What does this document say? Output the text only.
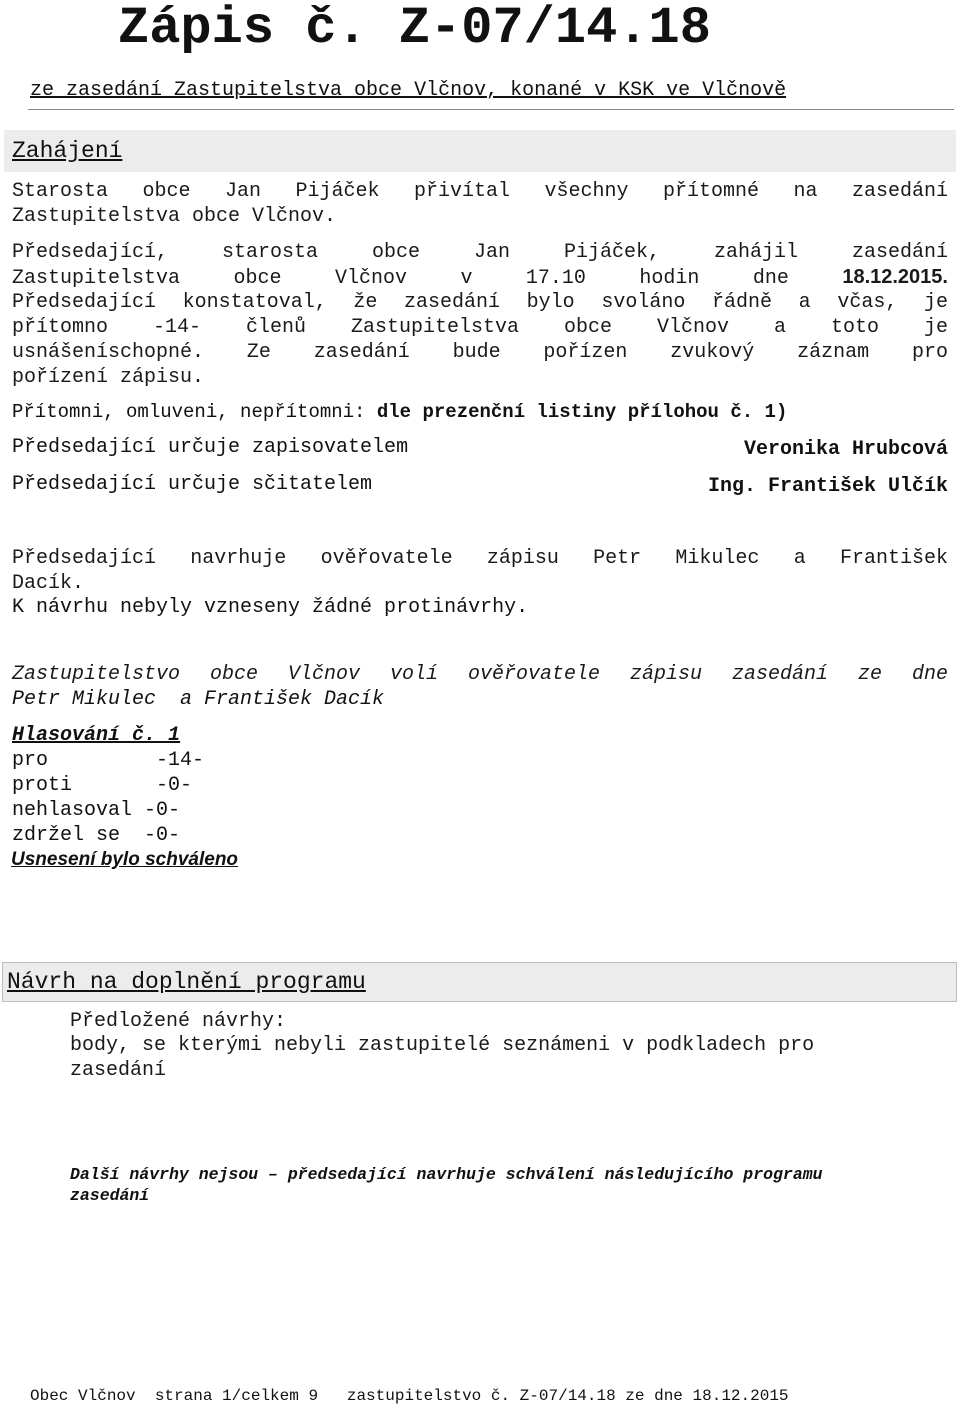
Zápis č. Z-07/14.18
ze zasedání Zastupitelstva obce Vlčnov, konané v KSK ve Vlčnově
Zahájení
Starosta obce Jan Pijáček přivítal všechny přítomné na zasedání
Zastupitelstva obce Vlčnov.
Předsedající, starosta obce Jan Pijáček, zahájil zasedání
Zastupitelstva obce Vlčnov v 17.10 hodin dne	18.12.2015.
Předsedající konstatoval, že zasedání bylo svoláno řádně a včas, je
přítomno -14- členů Zastupitelstva obce Vlčnov a toto je
usnášeníschopné. Ze zasedání bude pořízen zvukový záznam pro
pořízení zápisu.
Přítomni, omluveni, nepřítomni: dle prezenční listiny přílohou č. 1)
Předsedající určuje zapisovatelem	Veronika Hrubcová
Předsedající určuje sčitatelem	Ing. František Ulčík
Předsedající navrhuje ověřovatele zápisu Petr Mikulec a František
Dacík.
K návrhu nebyly vzneseny žádné protinávrhy.
Zastupitelstvo obce Vlčnov volí ověřovatele zápisu zasedání ze dne
Petr Mikulec  a František Dacík
Hlasování č. 1
pro         -14-
proti       -0-
nehlasoval -0-
zdržel se  -0-
Usnesení bylo schváleno
Návrh na doplnění programu
Předložené návrhy:
body, se kterými nebyli zastupitelé seznámeni v podkladech pro
zasedání
Další návrhy nejsou – předsedající navrhuje schválení následujícího programu
zasedání
Obec Vlčnov  strana 1/celkem 9   zastupitelstvo č. Z-07/14.18 ze dne 18.12.2015
